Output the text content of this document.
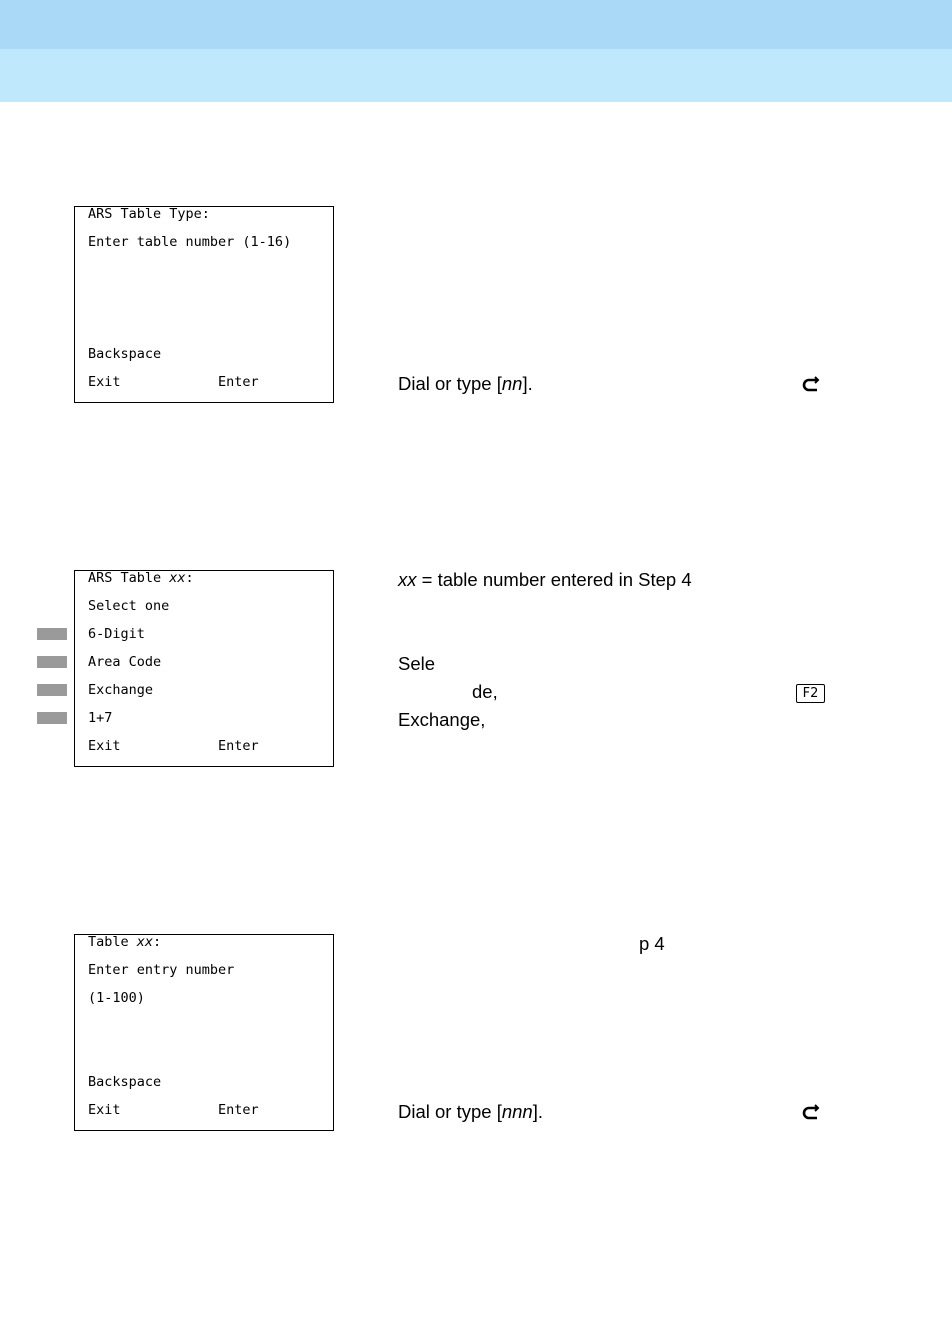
ARS Table Type:
Enter table number (1-16)
Backspace
Exit	Enter
ARS Table xx:
Select one
6-Digit
Area Code
Exchange
1+7
Exit	Enter
Table xx:
Enter entry number
(1-100)
Backspace
Exit	Enter
Dial or type [nn].
xx = table number entered in Step 4
Sele
de,	F2
Exchange,
p 4
Dial or type [nnn].
